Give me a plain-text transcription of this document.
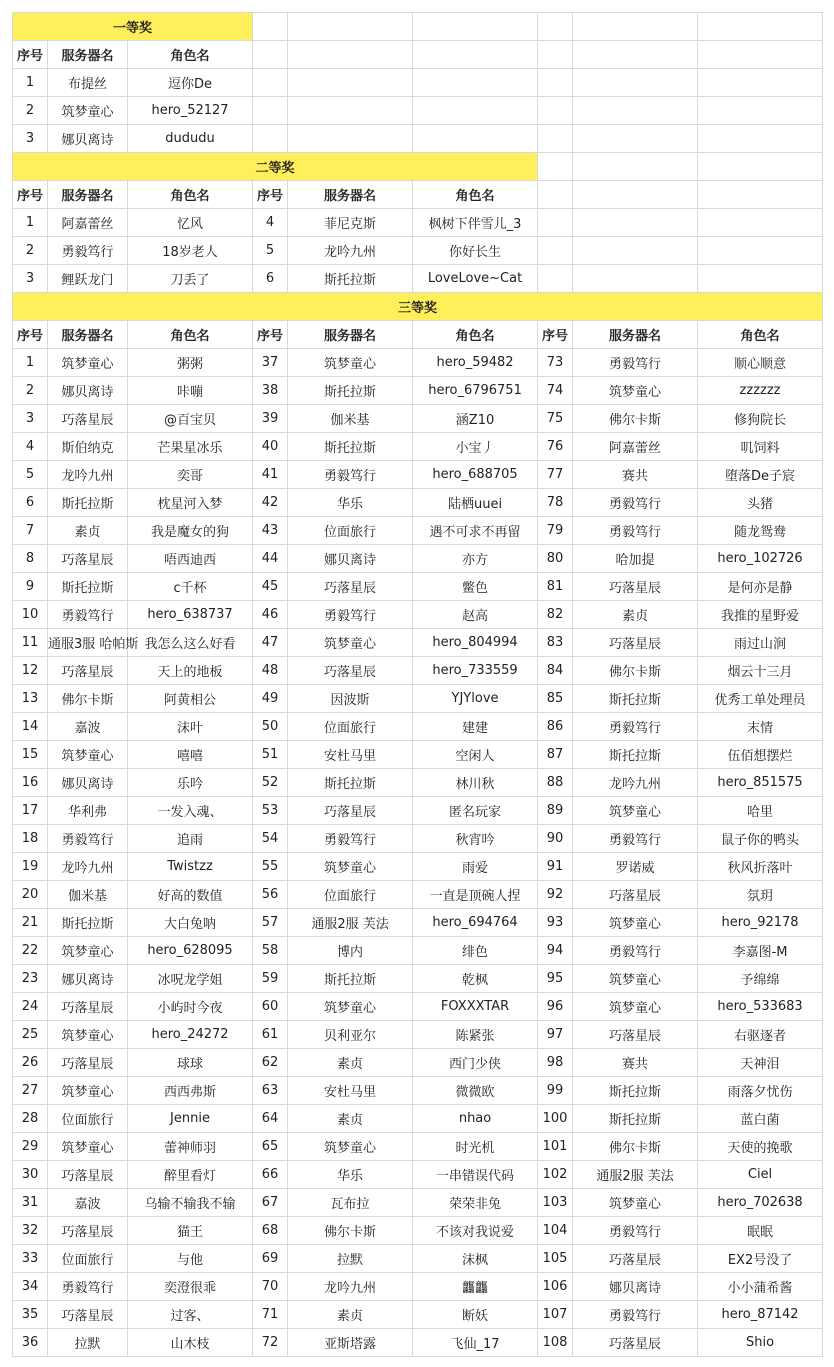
一等奖								
序号	服务器名	角色名						
1	布提丝	逗你De						
2	筑梦童心	hero_52127						
3	娜贝离诗	dududu						
二等奖								
序号	服务器名	角色名	序号	服务器名	角色名			
1	阿嘉蕾丝	忆风	4	菲尼克斯	枫树下伴雪儿_3			
2	勇毅笃行	18岁老人	5	龙吟九州	你好长生			
3	鲤跃龙门	刀丢了	6	斯托拉斯	LoveLove~Cat			
三等奖								
序号	服务器名	角色名	序号	服务器名	角色名	序号	服务器名	角色名
1	筑梦童心	粥粥	37	筑梦童心	hero_59482	73	勇毅笃行	顺心顺意
2	娜贝离诗	咔嘣	38	斯托拉斯	hero_6796751	74	筑梦童心	zzzzzz
3	巧落星辰	@百宝贝	39	伽米基	涵Z10	75	佛尔卡斯	修狗院长
4	斯伯纳克	芒果星冰乐	40	斯托拉斯	小宝丿	76	阿嘉蕾丝	叽饲料
5	龙吟九州	奕哥	41	勇毅笃行	hero_688705	77	赛共	堕落De子宸
6	斯托拉斯	枕星河入梦	42	华乐	陆栖uuei	78	勇毅笃行	头猪
7	素贞	我是魔女的狗	43	位面旅行	遇不可求不再留	79	勇毅笃行	随龙鸳鸯
8	巧落星辰	唔西迪西	44	娜贝离诗	亦方	80	哈加提	hero_102726
9	斯托拉斯	c千杯	45	巧落星辰	鳖色	81	巧落星辰	是何亦是静
10	勇毅笃行	hero_638737	46	勇毅笃行	赵高	82	素贞	我推的星野爱
11	通服3服 哈帕斯	我怎么这么好看	47	筑梦童心	hero_804994	83	巧落星辰	雨过山涧
12	巧落星辰	天上的地板	48	巧落星辰	hero_733559	84	佛尔卡斯	烟云十三月
13	佛尔卡斯	阿黄相公	49	因波斯	YJYlove	85	斯托拉斯	优秀工单处理员
14	嘉波	沫叶	50	位面旅行	建建	86	勇毅笃行	末情
15	筑梦童心	嘻嘻	51	安杜马里	空闲人	87	斯托拉斯	伍佰想摆烂
16	娜贝离诗	乐吟	52	斯托拉斯	林川秋	88	龙吟九州	hero_851575
17	华利弗	一发入魂、	53	巧落星辰	匿名玩家	89	筑梦童心	哈里
18	勇毅笃行	追雨	54	勇毅笃行	秋宵吟	90	勇毅笃行	鼠子你的鸭头
19	龙吟九州	Twistzz	55	筑梦童心	雨爱	91	罗诺威	秋风折落叶
20	伽米基	好高的数值	56	位面旅行	一直是顶碗人捏	92	巧落星辰	氛玥
21	斯托拉斯	大白兔呐	57	通服2服 芙法	hero_694764	93	筑梦童心	hero_92178
22	筑梦童心	hero_628095	58	博内	绯色	94	勇毅笃行	李嘉图-M
23	娜贝离诗	冰呪龙学姐	59	斯托拉斯	乾枫	95	筑梦童心	予绵绵
24	巧落星辰	小屿时今夜	60	筑梦童心	FOXXXTAR	96	筑梦童心	hero_533683
25	筑梦童心	hero_24272	61	贝利亚尔	陈紧张	97	巧落星辰	右驱逐者
26	巧落星辰	球球	62	素贞	西门少侠	98	赛共	天神泪
27	筑梦童心	西西弗斯	63	安杜马里	微微欧	99	斯托拉斯	雨落夕忧伤
28	位面旅行	Jennie	64	素贞	nhao	100	斯托拉斯	蓝白菌
29	筑梦童心	蕾神师羽	65	筑梦童心	时光机	101	佛尔卡斯	天使的挽歌
30	巧落星辰	醉里看灯	66	华乐	一串错误代码	102	通服2服 芙法	Ciel
31	嘉波	乌输不输我不输	67	瓦布拉	荣荣非兔	103	筑梦童心	hero_702638
32	巧落星辰	猫王	68	佛尔卡斯	不该对我说爱	104	勇毅笃行	眠眠
33	位面旅行	与他	69	拉默	沫枫	105	巧落星辰	EX2号没了
34	勇毅笃行	奕澄很乖	70	龙吟九州	龘龘	106	娜贝离诗	小小蒲希酱
35	巧落星辰	过客、	71	素贞	断妖	107	勇毅笃行	hero_87142
36	拉默	山木枝	72	亚斯塔露	飞仙_17	108	巧落星辰	Shio
